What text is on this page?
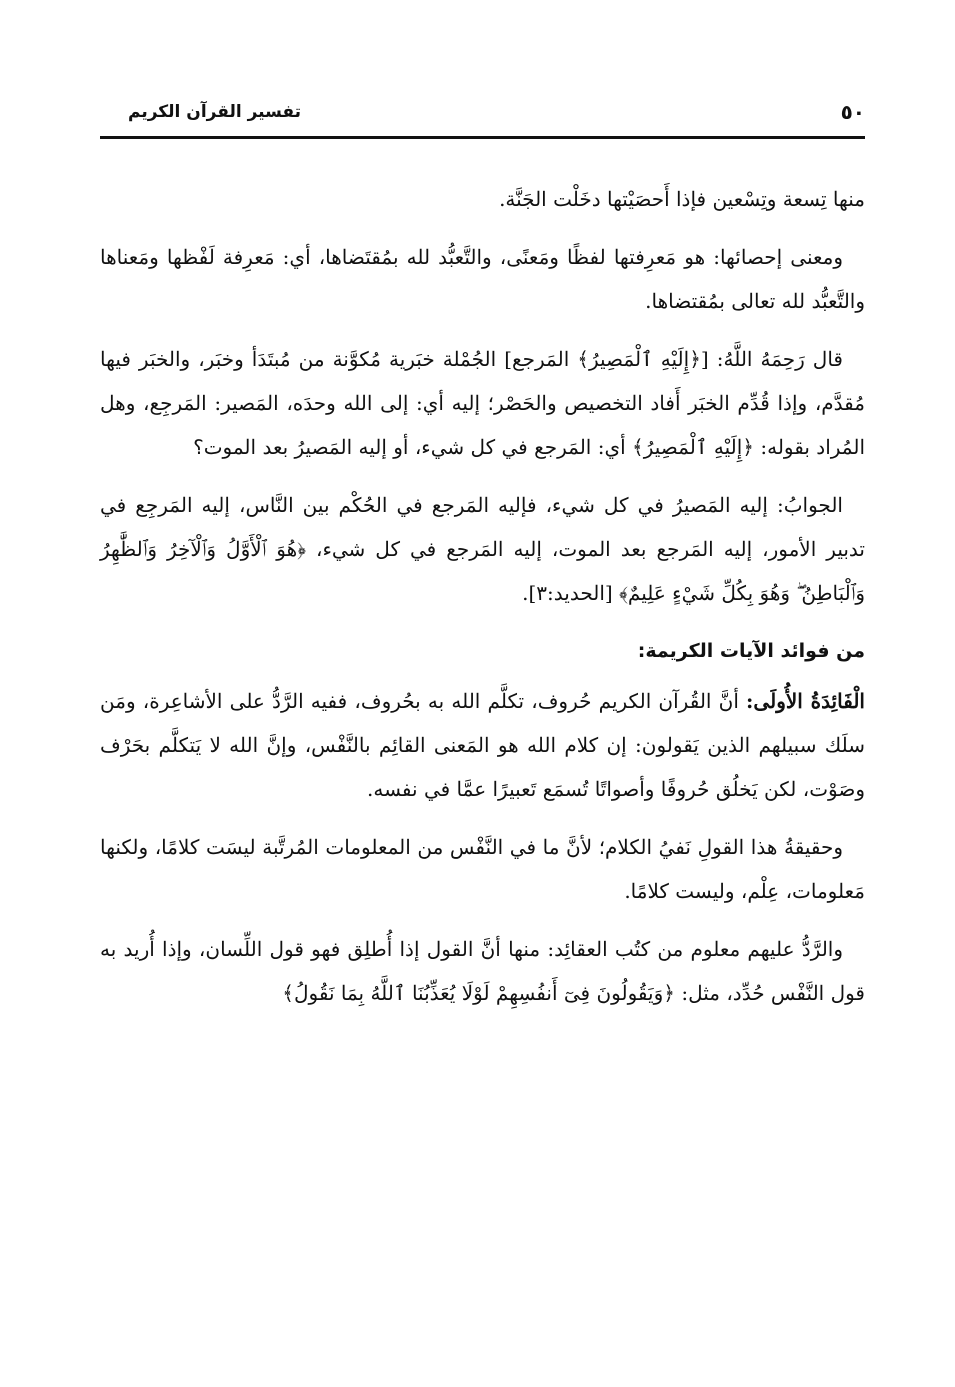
٥٠
تفسير القرآن الكريم

منها تِسعة وتِسْعين فإذا أَحصَيْتها دخَلْت الجَنَّة.

ومعنى إحصائها: هو مَعرِفتها لفظًا ومَعنًى، والتَّعبُّد لله بمُقتَضاها، أي: مَعرِفة لَفْظها ومَعناها والتَّعبُّد لله تعالى بمُقتضاها.

قال رَحِمَهُ اللَّهُ: [﴿إِلَيْهِ ٱلْمَصِيرُ﴾ المَرجع] الجُمْلة خبَرية مُكوَّنة من مُبتَدَأ وخبَر، والخبَر فيها مُقدَّم، وإذا قُدِّم الخبَر أَفاد التخصيص والحَصْر؛ إليه أي: إلى الله وحدَه، المَصير: المَرجِع، وهل المُراد بقوله: ﴿إِلَيْهِ ٱلْمَصِيرُ﴾ أي: المَرجع في كل شيء، أو إليه المَصيرُ بعد الموت؟

الجوابُ: إليه المَصيرُ في كل شيء، فإليه المَرجع في الحُكْم بين النَّاس، إليه المَرجِع في تدبير الأمور، إليه المَرجع بعد الموت، إليه المَرجع في كل شيء، ﴿هُوَ ٱلْأَوَّلُ وَٱلْآخِرُ وَٱلظَّٰهِرُ وَٱلْبَاطِنُ ۖ وَهُوَ بِكُلِّ شَيْءٍ عَلِيمٌ﴾ [الحديد:٣].

من فوائد الآيات الكريمة:

الْفَائِدَةُ الأُولَى: أنَّ القُرآن الكريم حُروف، تكلَّم الله به بحُروف، ففيه الرَّدُّ على الأشاعِرة، ومَن سلَك سبيلهم الذين يَقولون: إن كلام الله هو المَعنى القائِم بالنَّفْس، وإنَّ الله لا يَتكلَّم بحَرْف وصَوْت، لكن يَخلُق حُروفًا وأصواتًا تُسمَع تَعبيرًا عمَّا في نفسه.

وحقيقةُ هذا القولِ نَفيُ الكلام؛ لأنَّ ما في النَّفْس من المعلومات المُرتَّبة ليسَت كلامًا، ولكنها مَعلومات، عِلْم، وليست كلامًا.

والرَّدُّ عليهم معلوم من كتُب العقائِد: منها أنَّ القول إذا أُطلِق فهو قول اللِّسان، وإذا أُريد به قول النَّفْس حُدِّد، مثل: ﴿وَيَقُولُونَ فِىٓ أَنفُسِهِمْ لَوْلَا يُعَذِّبُنَا ٱللَّهُ بِمَا نَقُولُ﴾
